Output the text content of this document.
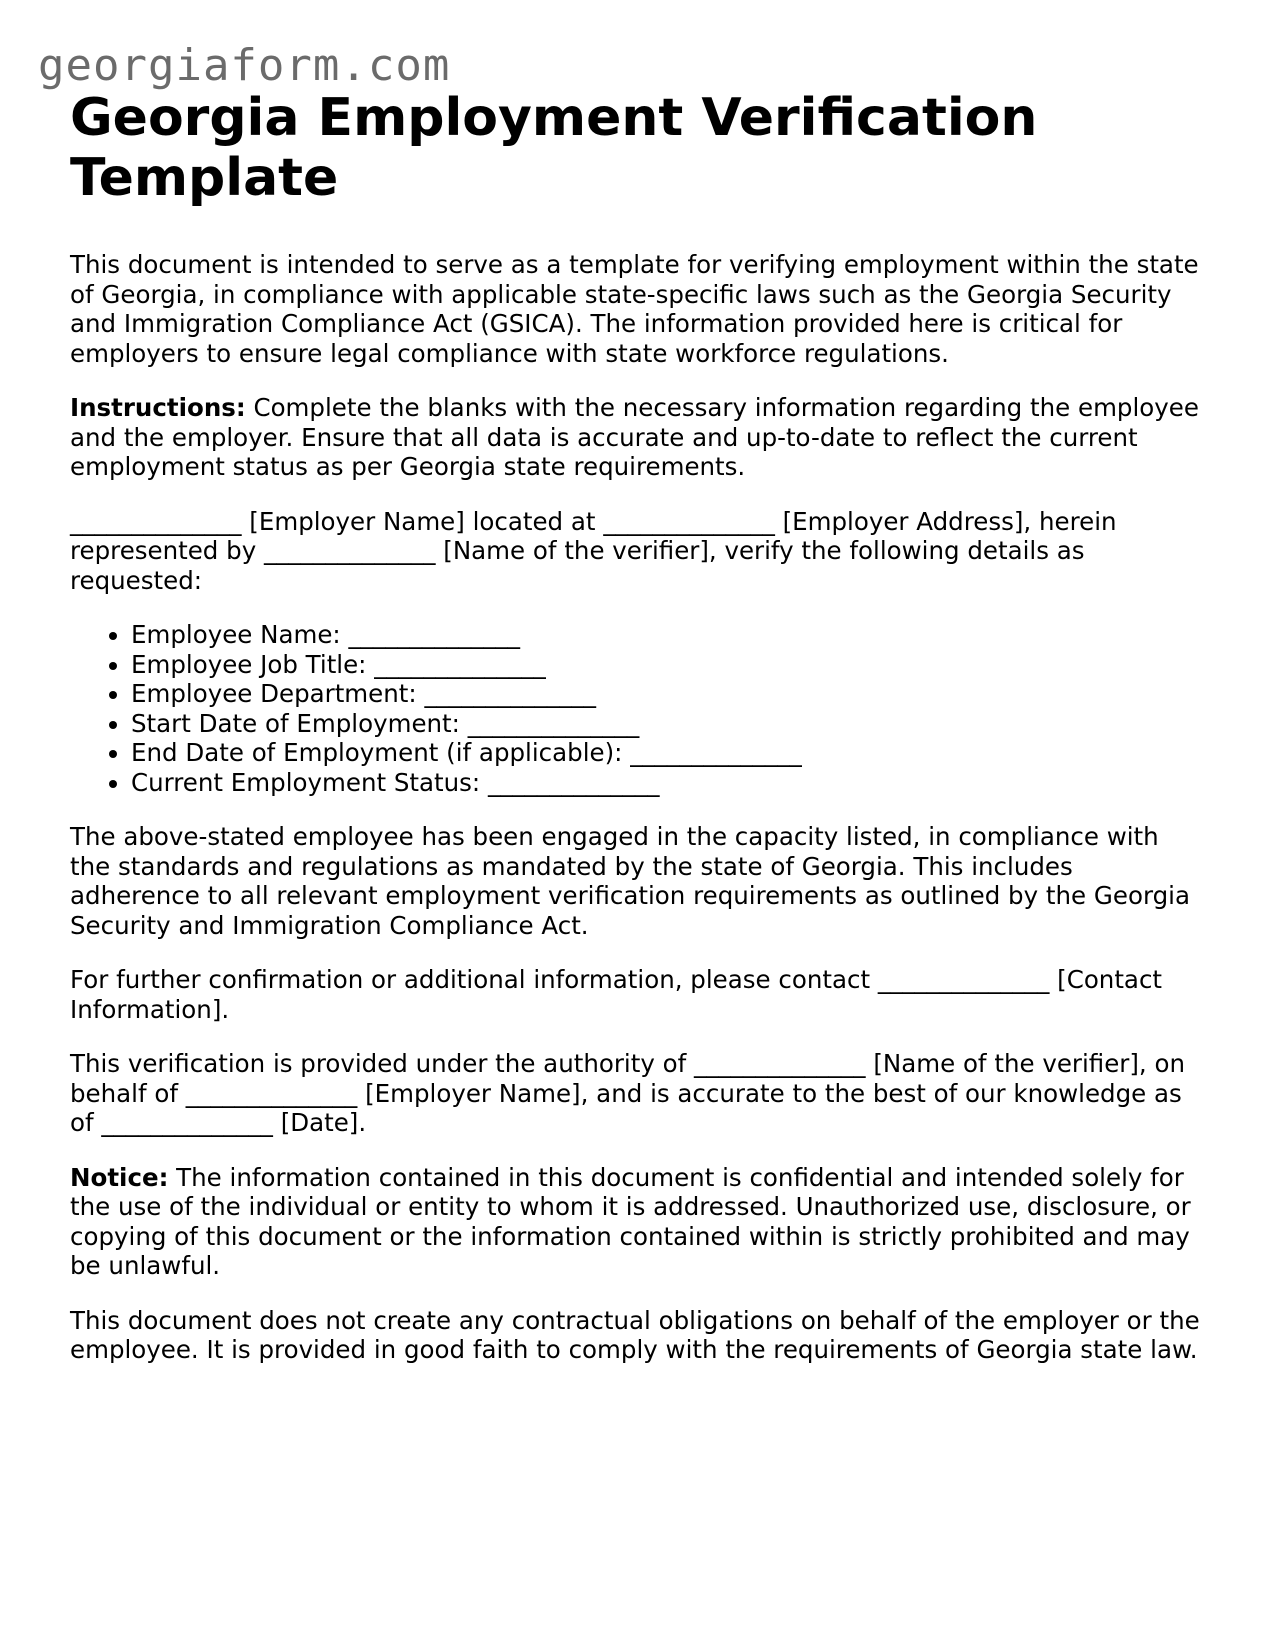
georgiaform.com
Georgia Employment Verification Template

This document is intended to serve as a template for verifying employment within the state of Georgia, in compliance with applicable state-specific laws such as the Georgia Security and Immigration Compliance Act (GSICA). The information provided here is critical for employers to ensure legal compliance with state workforce regulations.

Instructions: Complete the blanks with the necessary information regarding the employee and the employer. Ensure that all data is accurate and up-to-date to reflect the current employment status as per Georgia state requirements.

______________ [Employer Name] located at ______________ [Employer Address], herein represented by ______________ [Name of the verifier], verify the following details as requested:

• Employee Name: ______________
• Employee Job Title: ______________
• Employee Department: ______________
• Start Date of Employment: ______________
• End Date of Employment (if applicable): ______________
• Current Employment Status: ______________

The above-stated employee has been engaged in the capacity listed, in compliance with the standards and regulations as mandated by the state of Georgia. This includes adherence to all relevant employment verification requirements as outlined by the Georgia Security and Immigration Compliance Act.

For further confirmation or additional information, please contact ______________ [Contact Information].

This verification is provided under the authority of ______________ [Name of the verifier], on behalf of ______________ [Employer Name], and is accurate to the best of our knowledge as of ______________ [Date].

Notice: The information contained in this document is confidential and intended solely for the use of the individual or entity to whom it is addressed. Unauthorized use, disclosure, or copying of this document or the information contained within is strictly prohibited and may be unlawful.

This document does not create any contractual obligations on behalf of the employer or the employee. It is provided in good faith to comply with the requirements of Georgia state law.
